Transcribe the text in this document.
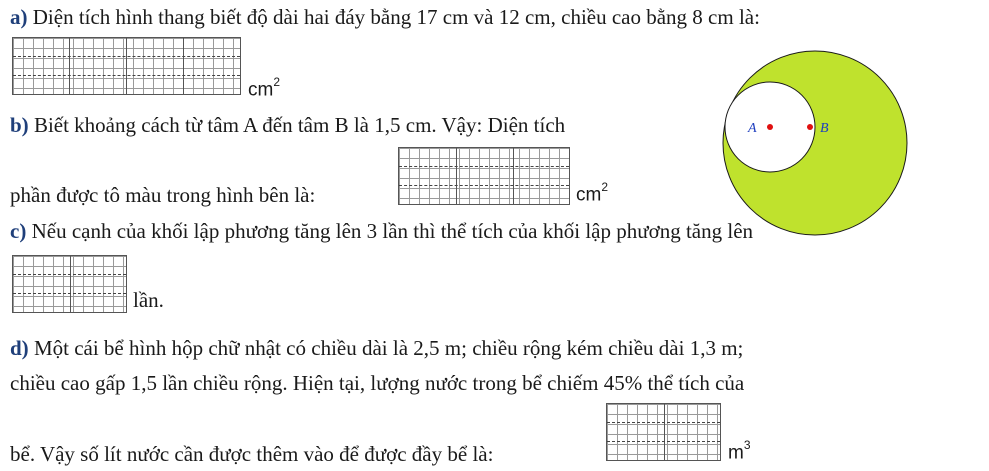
a) Diện tích hình thang biết độ dài hai đáy bằng 17 cm và 12 cm, chiều cao bằng 8 cm là:
$cm^2$
A	B
b) Biết khoảng cách từ tâm A đến tâm B là 1,5 cm. Vậy: Diện tích
phần được tô màu trong hình bên là:	$cm^2$
c) Nếu cạnh của khối lập phương tăng lên 3 lần thì thể tích của khối lập phương tăng lên
lần.
d) Một cái bể hình hộp chữ nhật có chiều dài là 2,5 m; chiều rộng kém chiều dài 1,3 m;
chiều cao gấp 1,5 lần chiều rộng. Hiện tại, lượng nước trong bể chiếm 45% thể tích của
bể. Vậy số lít nước cần được thêm vào để được đầy bể là:	$m^3$
